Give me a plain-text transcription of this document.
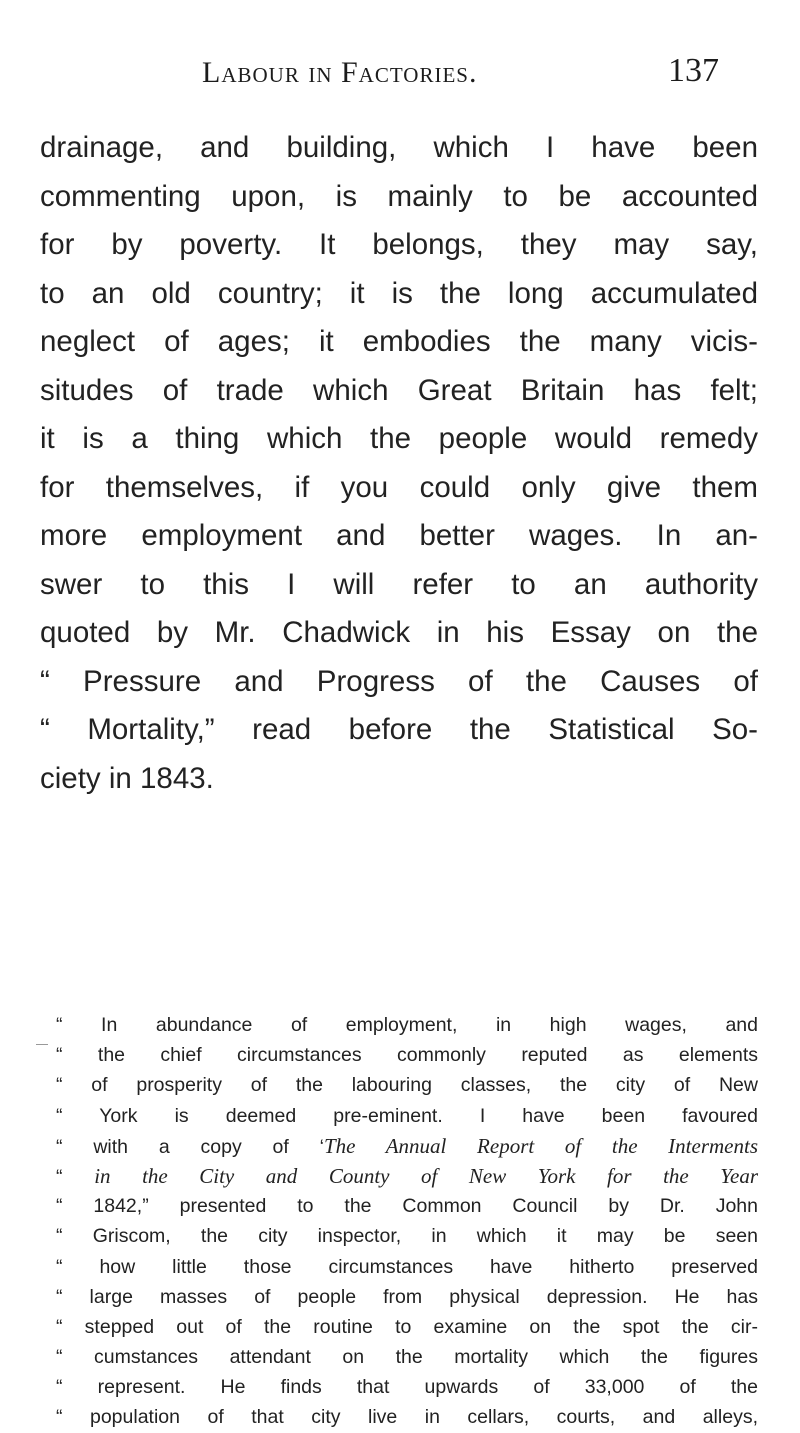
Labour in Factories.	137
drainage, and building, which I have been
commenting upon, is mainly to be accounted
for by poverty. It belongs, they may say,
to an old country; it is the long accumulated
neglect of ages; it embodies the many vicis-
situdes of trade which Great Britain has felt;
it is a thing which the people would remedy
for themselves, if you could only give them
more employment and better wages. In an-
swer to this I will refer to an authority
quoted by Mr. Chadwick in his Essay on the
“ Pressure and Progress of the Causes of
“ Mortality,” read before the Statistical So-
ciety in 1843.
“ In abundance of employment, in high wages, and
“ the chief circumstances commonly reputed as elements
“ of prosperity of the labouring classes, the city of New
“ York is deemed pre-eminent. I have been favoured
“ with a copy of ‘The Annual Report of the Interments
“ in the City and County of New York for the Year
“ 1842,” presented to the Common Council by Dr. John
“ Griscom, the city inspector, in which it may be seen
“ how little those circumstances have hitherto preserved
“ large masses of people from physical depression. He has
“ stepped out of the routine to examine on the spot the cir-
“ cumstances attendant on the mortality which the figures
“ represent. He finds that upwards of 33,000 of the
“ population of that city live in cellars, courts, and alleys,
